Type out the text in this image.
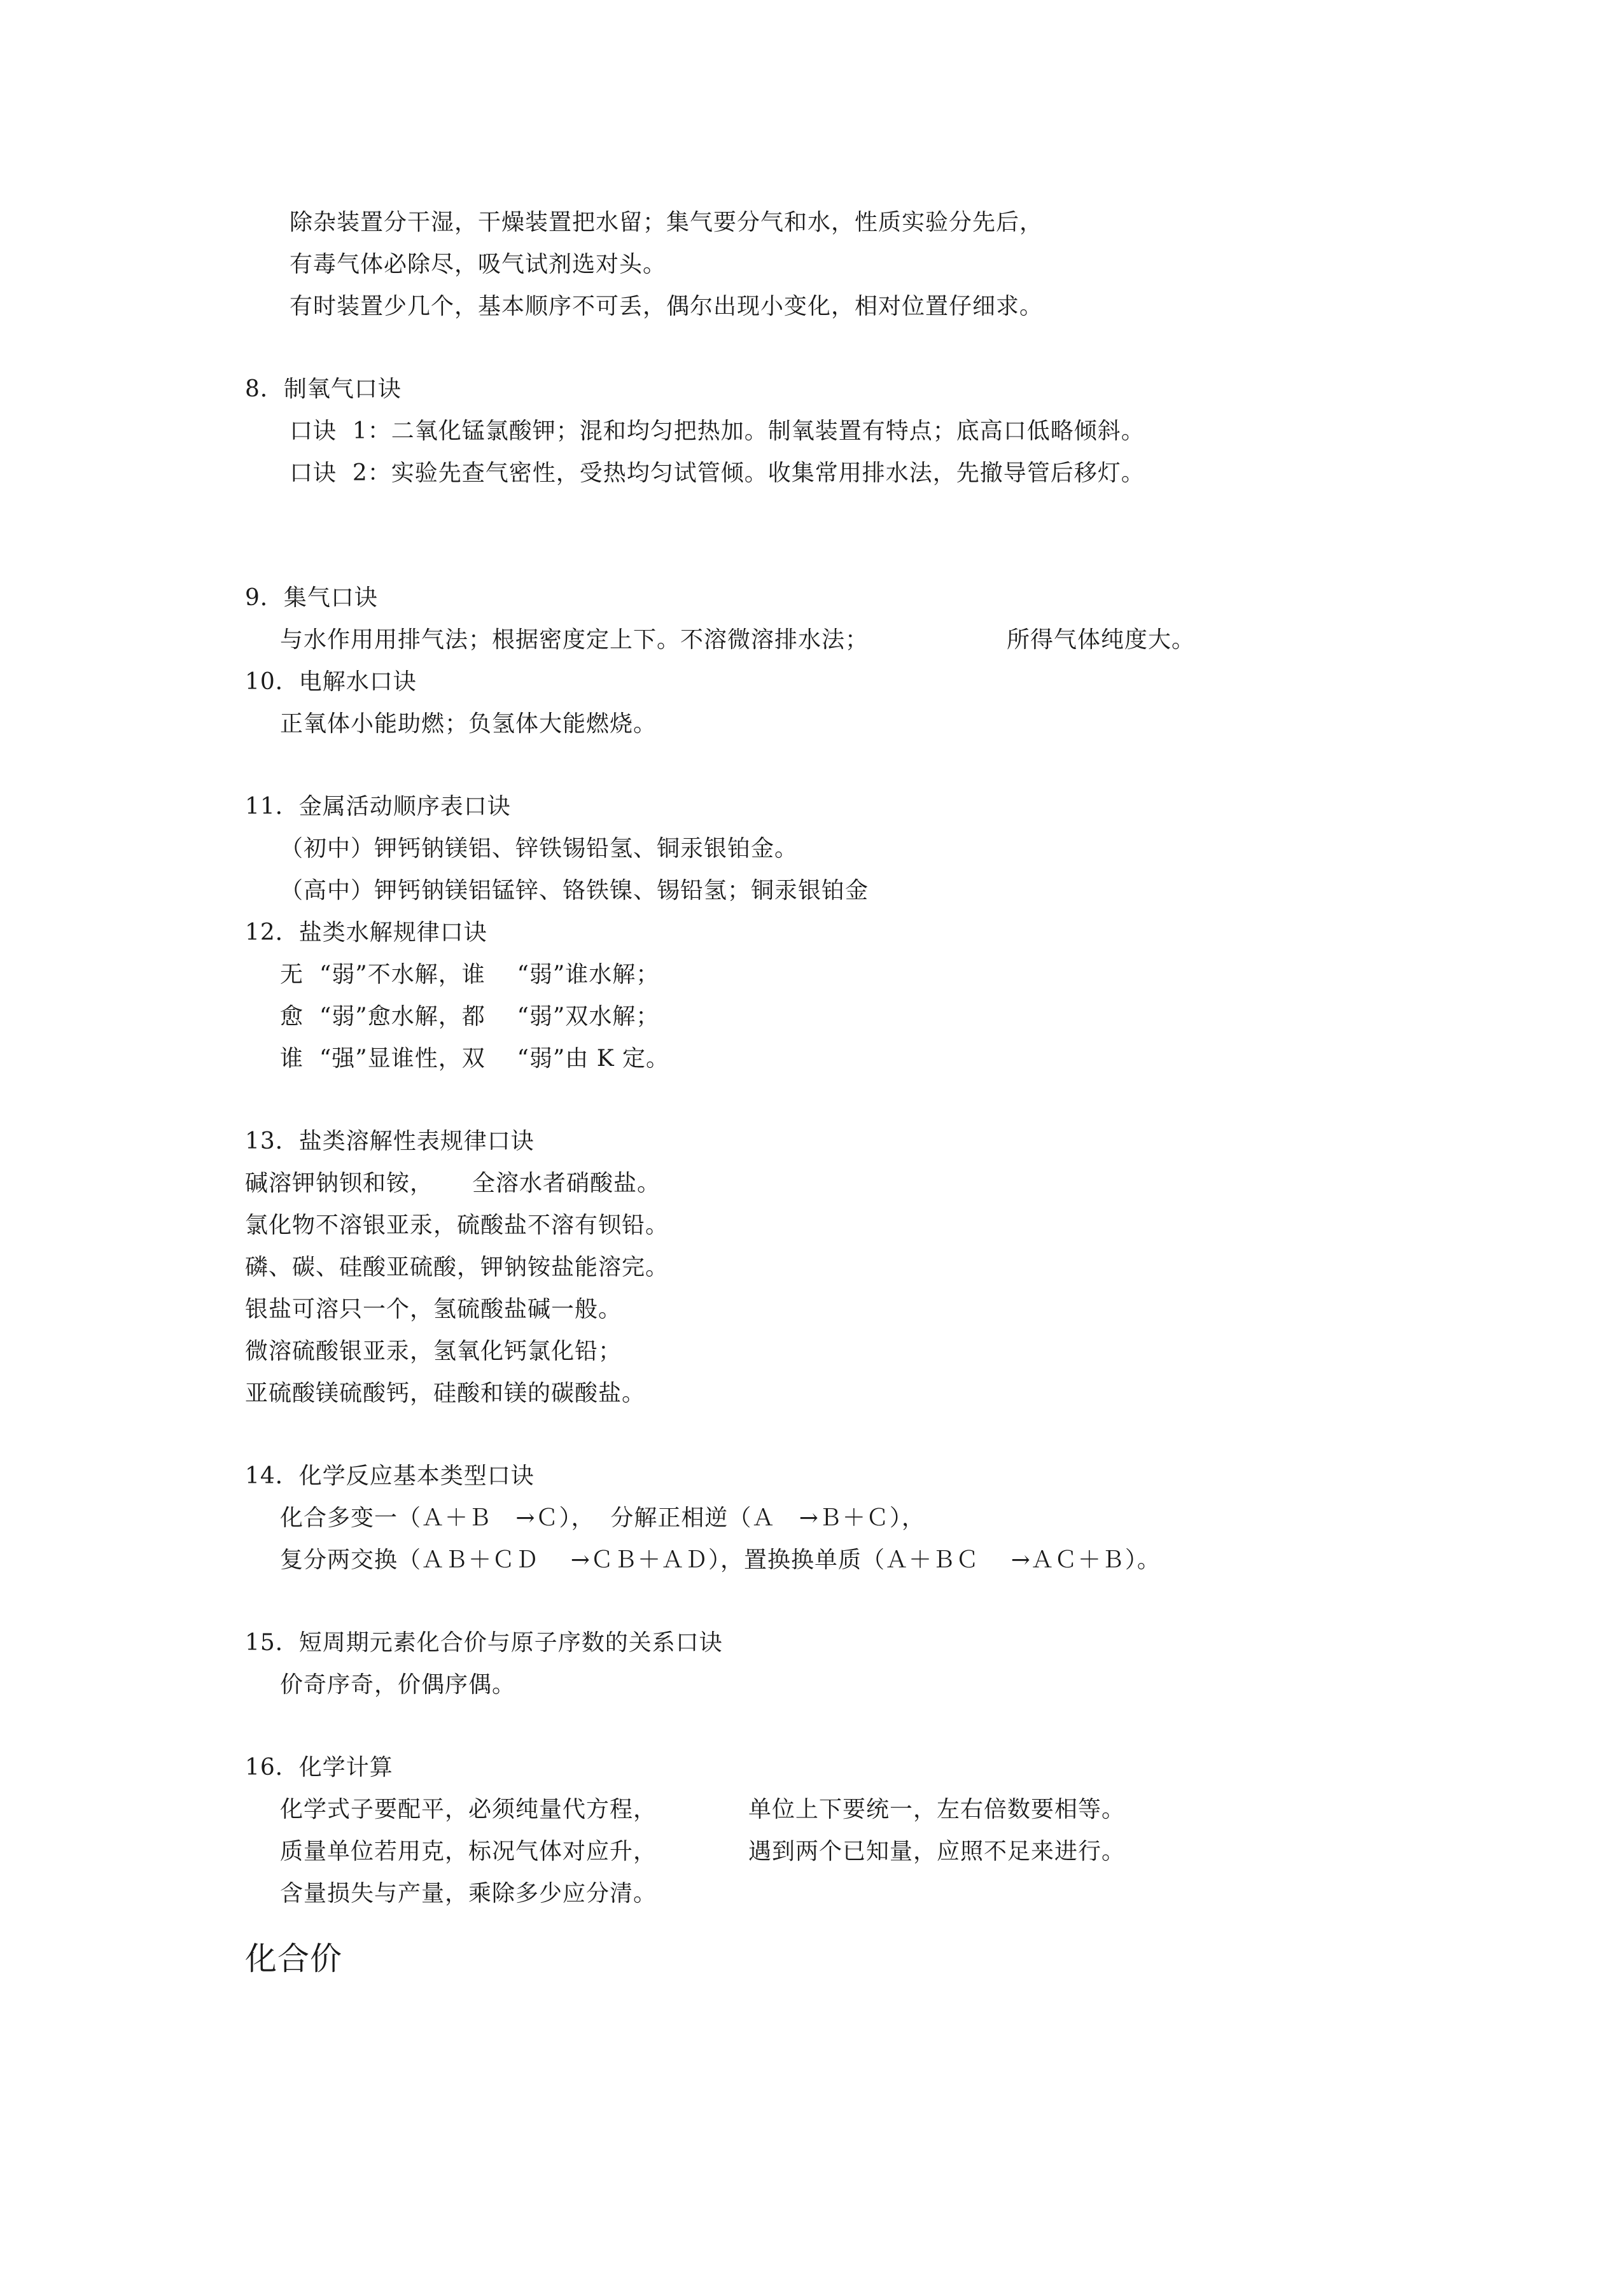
除杂装置分干湿，干燥装置把水留；集气要分气和水，性质实验分先后，
有毒气体必除尽，吸气试剂选对头。
有时装置少几个，基本顺序不可丢，偶尔出现小变化，相对位置仔细求。
8．制氧气口诀
口诀  1：二氧化锰氯酸钾；混和均匀把热加。制氧装置有特点；底高口低略倾斜。
口诀  2：实验先查气密性，受热均匀试管倾。收集常用排水法，先撤导管后移灯。
9．集气口诀
与水作用用排气法；根据密度定上下。不溶微溶排水法；	所得气体纯度大。
10．电解水口诀
正氧体小能助燃；负氢体大能燃烧。
11．金属活动顺序表口诀
（初中）钾钙钠镁铝、锌铁锡铅氢、铜汞银铂金。
（高中）钾钙钠镁铝锰锌、铬铁镍、锡铅氢；铜汞银铂金
12．盐类水解规律口诀
无  “弱”不水解，谁    “弱”谁水解；
愈  “弱”愈水解，都    “弱”双水解；
谁  “强”显谁性，双    “弱”由 K 定。
13．盐类溶解性表规律口诀
碱溶钾钠钡和铵， 全溶水者硝酸盐。
氯化物不溶银亚汞，硫酸盐不溶有钡铅。
磷、碳、硅酸亚硫酸，钾钠铵盐能溶完。
银盐可溶只一个，氢硫酸盐碱一般。
微溶硫酸银亚汞，氢氧化钙氯化铅；
亚硫酸镁硫酸钙，硅酸和镁的碳酸盐。
14．化学反应基本类型口诀
化合多变一（Ａ＋Ｂ   →Ｃ），  分解正相逆（Ａ   →Ｂ＋Ｃ），
复分两交换（ＡＢ＋ＣＤ    →ＣＢ＋ＡＤ），置换换单质（Ａ＋ＢＣ    →ＡＣ＋Ｂ）。
15．短周期元素化合价与原子序数的关系口诀
价奇序奇，价偶序偶。
16．化学计算
化学式子要配平，必须纯量代方程，	单位上下要统一，左右倍数要相等。
质量单位若用克，标况气体对应升，	遇到两个已知量，应照不足来进行。
含量损失与产量，乘除多少应分清。
化合价
